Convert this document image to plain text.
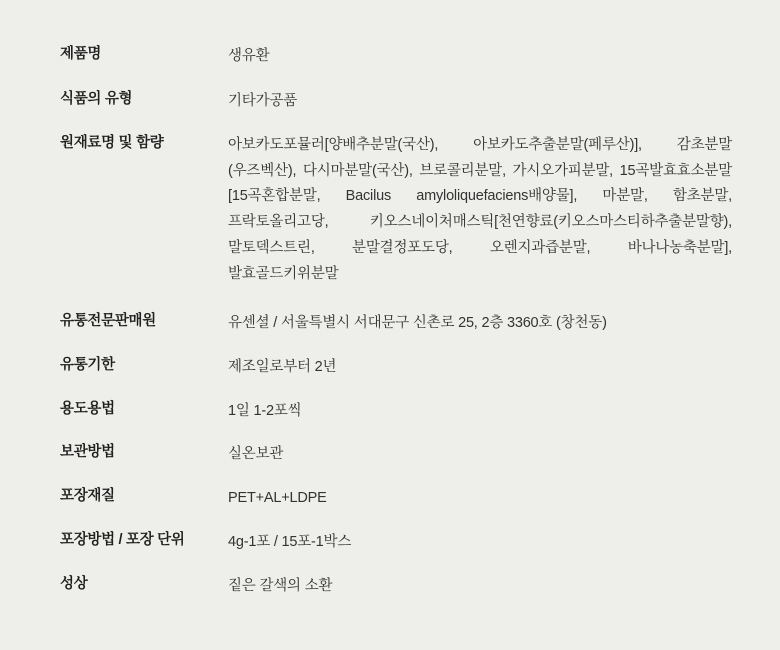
제품명	생유환
식품의 유형	기타가공품
원재료명 및 함량	아보카도포뮬러[양배추분말(국산), 아보카도추출분말(페루산)], 감초분말(우즈벡산), 다시마분말(국산), 브로콜리분말, 가시오가피분말, 15곡발효효소분말[15곡혼합분말, Bacilus amyloliquefaciens배양물], 마분말, 함초분말, 프락토올리고당, 키오스네이처매스틱[천연향료(키오스마스티하추출분말향), 말토덱스트린, 분말결정포도당, 오렌지과즙분말, 바나나농축분말], 발효골드키위분말
유통전문판매원	유센셜 / 서울특별시 서대문구 신촌로 25, 2층 3360호 (창천동)
유통기한	제조일로부터 2년
용도용법	1일 1-2포씩
보관방법	실온보관
포장재질	PET+AL+LDPE
포장방법 / 포장 단위	4g-1포 / 15포-1박스
성상	짙은 갈색의 소환
